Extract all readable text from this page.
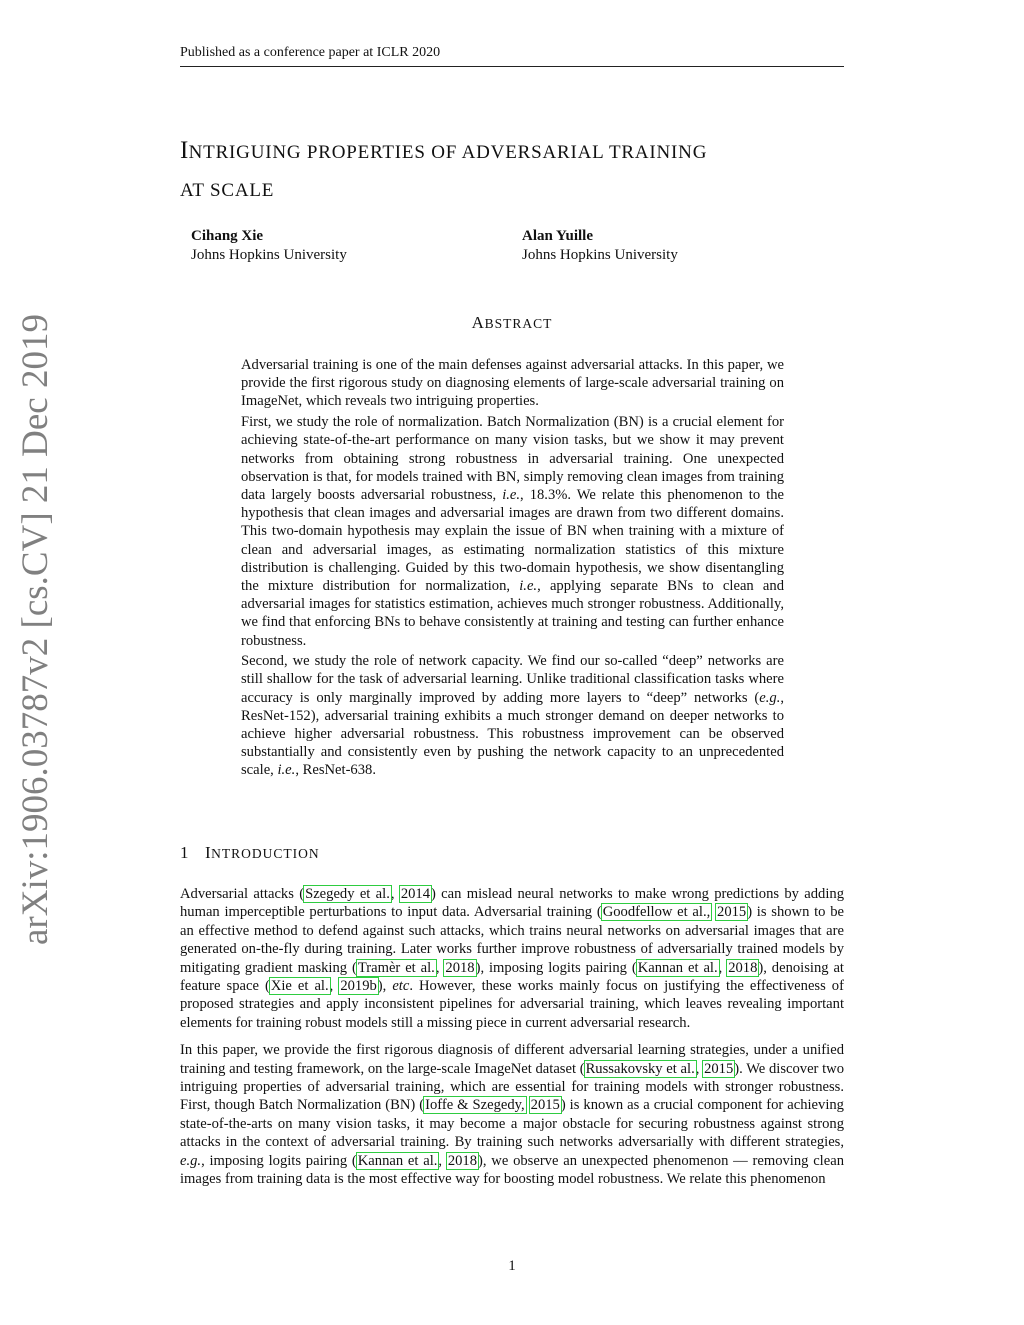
Published as a conference paper at ICLR 2020
INTRIGUING PROPERTIES OF ADVERSARIAL TRAINING
AT SCALE
Cihang Xie
Johns Hopkins University
Alan Yuille
Johns Hopkins University
ABSTRACT

Adversarial training is one of the main defenses against adversarial attacks. In this paper, we provide the first rigorous study on diagnosing elements of large-scale adversarial training on ImageNet, which reveals two intriguing properties.

First, we study the role of normalization. Batch Normalization (BN) is a crucial element for achieving state-of-the-art performance on many vision tasks, but we show it may prevent networks from obtaining strong robustness in adversarial training. One unexpected observation is that, for models trained with BN, simply removing clean images from training data largely boosts adversarial robustness, i.e., 18.3%. We relate this phenomenon to the hypothesis that clean images and adversarial images are drawn from two different domains. This two-domain hypothesis may explain the issue of BN when training with a mixture of clean and adversarial images, as estimating normalization statistics of this mixture distribution is challenging. Guided by this two-domain hypothesis, we show disentangling the mixture distribution for normalization, i.e., applying separate BNs to clean and adversarial images for statistics estimation, achieves much stronger robustness. Additionally, we find that enforcing BNs to behave consistently at training and testing can further enhance robustness.

Second, we study the role of network capacity. We find our so-called “deep” networks are still shallow for the task of adversarial learning. Unlike traditional classification tasks where accuracy is only marginally improved by adding more layers to “deep” networks (e.g., ResNet-152), adversarial training exhibits a much stronger demand on deeper networks to achieve higher adversarial robustness. This robustness improvement can be observed substantially and consistently even by pushing the network capacity to an unprecedented scale, i.e., ResNet-638.

arXiv:1906.03787v2 [cs.CV] 21 Dec 2019	1 INTRODUCTION

Adversarial attacks (Szegedy et al., 2014) can mislead neural networks to make wrong predictions by adding human imperceptible perturbations to input data. Adversarial training (Goodfellow et al., 2015) is shown to be an effective method to defend against such attacks, which trains neural networks on adversarial images that are generated on-the-fly during training. Later works further improve robustness of adversarially trained models by mitigating gradient masking (Tramèr et al., 2018), imposing logits pairing (Kannan et al., 2018), denoising at feature space (Xie et al., 2019b), etc. However, these works mainly focus on justifying the effectiveness of proposed strategies and apply inconsistent pipelines for adversarial training, which leaves revealing important elements for training robust models still a missing piece in current adversarial research.

In this paper, we provide the first rigorous diagnosis of different adversarial learning strategies, under a unified training and testing framework, on the large-scale ImageNet dataset (Russakovsky et al., 2015). We discover two intriguing properties of adversarial training, which are essential for training models with stronger robustness. First, though Batch Normalization (BN) (Ioffe & Szegedy, 2015) is known as a crucial component for achieving state-of-the-arts on many vision tasks, it may become a major obstacle for securing robustness against strong attacks in the context of adversarial training. By training such networks adversarially with different strategies, e.g., imposing logits pairing (Kannan et al., 2018), we observe an unexpected phenomenon — removing clean images from training data is the most effective way for boosting model robustness. We relate this phenomenon

1
